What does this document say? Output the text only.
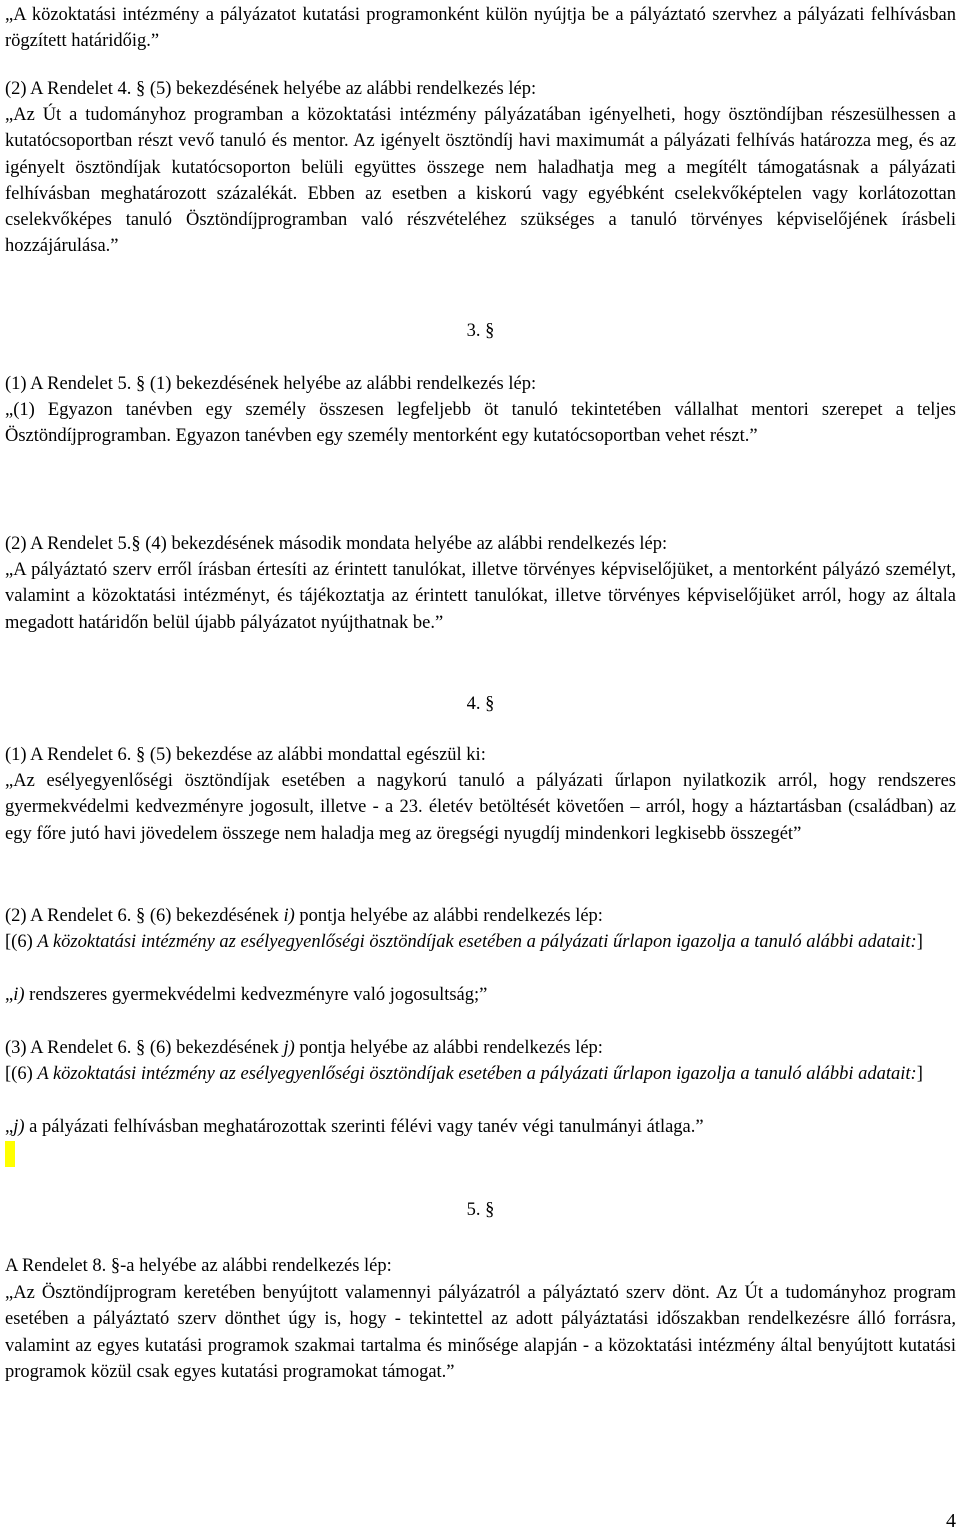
„A közoktatási intézmény a pályázatot kutatási programonként külön nyújtja be a pályáztató szervhez a pályázati felhívásban rögzített határidőig.”

(2) A Rendelet 4. § (5) bekezdésének helyébe az alábbi rendelkezés lép:

„Az Út a tudományhoz programban a közoktatási intézmény pályázatában igényelheti, hogy ösztöndíjban részesülhessen a kutatócsoportban részt vevő tanuló és mentor. Az igényelt ösztöndíj havi maximumát a pályázati felhívás határozza meg, és az igényelt ösztöndíjak kutatócsoporton belüli együttes összege nem haladhatja meg a megítélt támogatásnak a pályázati felhívásban meghatározott százalékát. Ebben az esetben a kiskorú vagy egyébként cselekvőképtelen vagy korlátozottan cselekvőképes tanuló Ösztöndíjprogramban való részvételéhez szükséges a tanuló törvényes képviselőjének írásbeli hozzájárulása.”

3. §

(1) A Rendelet 5. § (1) bekezdésének helyébe az alábbi rendelkezés lép:

„(1) Egyazon tanévben egy személy összesen legfeljebb öt tanuló tekintetében vállalhat mentori szerepet a teljes Ösztöndíjprogramban. Egyazon tanévben egy személy mentorként egy kutatócsoportban vehet részt.”

(2) A Rendelet 5.§ (4) bekezdésének második mondata helyébe az alábbi rendelkezés lép:

„A pályáztató szerv erről írásban értesíti az érintett tanulókat, illetve törvényes képviselőjüket, a mentorként pályázó személyt, valamint a közoktatási intézményt, és tájékoztatja az érintett tanulókat, illetve törvényes képviselőjüket arról, hogy az általa megadott határidőn belül újabb pályázatot nyújthatnak be.”

4. §

(1) A Rendelet 6. § (5) bekezdése az alábbi mondattal egészül ki:

„Az esélyegyenlőségi ösztöndíjak esetében a nagykorú tanuló a pályázati űrlapon nyilatkozik arról, hogy rendszeres gyermekvédelmi kedvezményre jogosult, illetve - a 23. életév betöltését követően – arról, hogy a háztartásban (családban) az egy főre jutó havi jövedelem összege nem haladja meg az öregségi nyugdíj mindenkori legkisebb összegét”

(2) A Rendelet 6. § (6) bekezdésének i) pontja helyébe az alábbi rendelkezés lép:

[(6) A közoktatási intézmény az esélyegyenlőségi ösztöndíjak esetében a pályázati űrlapon igazolja a tanuló alábbi adatait:]

„i) rendszeres gyermekvédelmi kedvezményre való jogosultság;”

(3) A Rendelet 6. § (6) bekezdésének j) pontja helyébe az alábbi rendelkezés lép:

[(6) A közoktatási intézmény az esélyegyenlőségi ösztöndíjak esetében a pályázati űrlapon igazolja a tanuló alábbi adatait:]

„j) a pályázati felhívásban meghatározottak szerinti félévi vagy tanév végi tanulmányi átlaga.”

5. §

A Rendelet 8. §-a helyébe az alábbi rendelkezés lép:

„Az Ösztöndíjprogram keretében benyújtott valamennyi pályázatról a pályáztató szerv dönt. Az Út a tudományhoz program esetében a pályáztató szerv dönthet úgy is, hogy - tekintettel az adott pályáztatási időszakban rendelkezésre álló forrásra, valamint az egyes kutatási programok szakmai tartalma és minősége alapján - a közoktatási intézmény által benyújtott kutatási programok közül csak egyes kutatási programokat támogat.”

4
